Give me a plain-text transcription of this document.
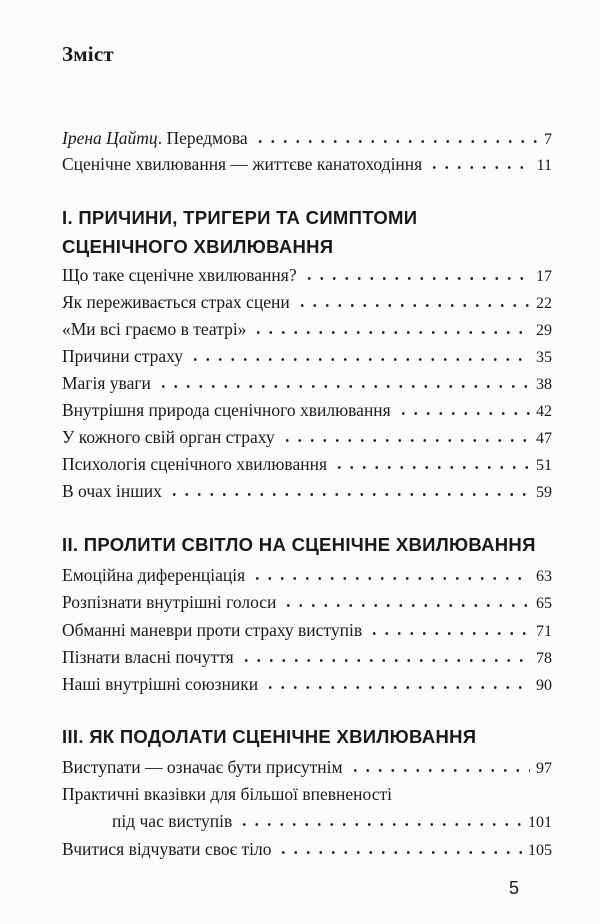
Зміст
Ірена Цайтц. Передмова	7
Сценічне хвилювання — життєве канатоходіння	11
I. ПРИЧИНИ, ТРИГЕРИ ТА СИМПТОМИ
СЦЕНІЧНОГО ХВИЛЮВАННЯ
Що таке сценічне хвилювання?	17
Як переживається страх сцени	22
«Ми всі граємо в театрі»	29
Причини страху	35
Магія уваги	38
Внутрішня природа сценічного хвилювання	42
У кожного свій орган страху	47
Психологія сценічного хвилювання	51
В очах інших	59
II. ПРОЛИТИ СВІТЛО НА СЦЕНІЧНЕ ХВИЛЮВАННЯ
Емоційна диференціація	63
Розпізнати внутрішні голоси	65
Обманні маневри проти страху виступів	71
Пізнати власні почуття	78
Наші внутрішні союзники	90
III. ЯК ПОДОЛАТИ СЦЕНІЧНЕ ХВИЛЮВАННЯ
Виступати — означає бути присутнім	97
Практичні вказівки для більшої впевненості
під час виступів	101
Вчитися відчувати своє тіло	105
5
